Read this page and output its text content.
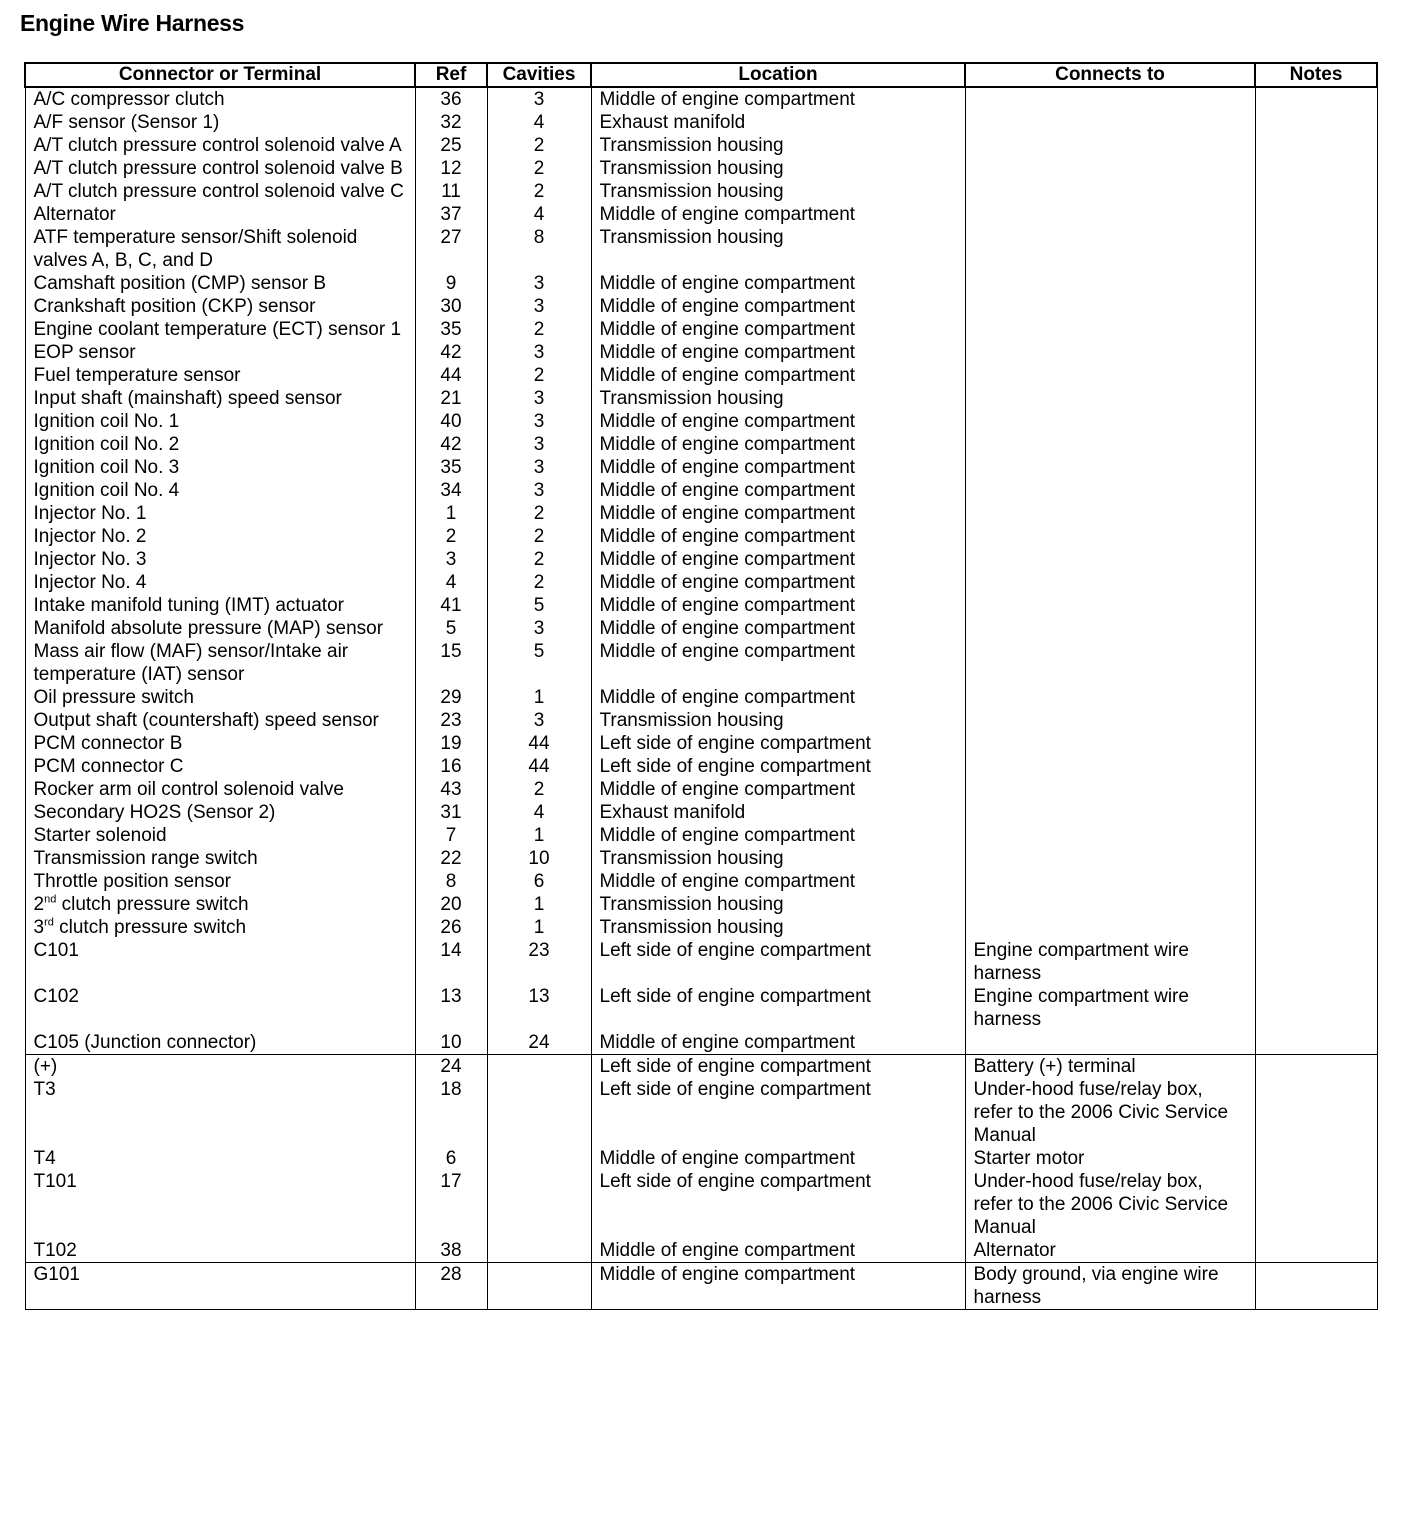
Engine Wire Harness
Connector or Terminal	Ref	Cavities	Location	Connects to	Notes
A/C compressor clutch	36	3	Middle of engine compartment		
A/F sensor (Sensor 1)	32	4	Exhaust manifold		
A/T clutch pressure control solenoid valve A	25	2	Transmission housing		
A/T clutch pressure control solenoid valve B	12	2	Transmission housing		
A/T clutch pressure control solenoid valve C	11	2	Transmission housing		
Alternator	37	4	Middle of engine compartment		
ATF temperature sensor/Shift solenoid valves A, B, C, and D	27	8	Transmission housing		
Camshaft position (CMP) sensor B	9	3	Middle of engine compartment		
Crankshaft position (CKP) sensor	30	3	Middle of engine compartment		
Engine coolant temperature (ECT) sensor 1	35	2	Middle of engine compartment		
EOP sensor	42	3	Middle of engine compartment		
Fuel temperature sensor	44	2	Middle of engine compartment		
Input shaft (mainshaft) speed sensor	21	3	Transmission housing		
Ignition coil No. 1	40	3	Middle of engine compartment		
Ignition coil No. 2	42	3	Middle of engine compartment		
Ignition coil No. 3	35	3	Middle of engine compartment		
Ignition coil No. 4	34	3	Middle of engine compartment		
Injector No. 1	1	2	Middle of engine compartment		
Injector No. 2	2	2	Middle of engine compartment		
Injector No. 3	3	2	Middle of engine compartment		
Injector No. 4	4	2	Middle of engine compartment		
Intake manifold tuning (IMT) actuator	41	5	Middle of engine compartment		
Manifold absolute pressure (MAP) sensor	5	3	Middle of engine compartment		
Mass air flow (MAF) sensor/Intake air temperature (IAT) sensor	15	5	Middle of engine compartment		
Oil pressure switch	29	1	Middle of engine compartment		
Output shaft (countershaft) speed sensor	23	3	Transmission housing		
PCM connector B	19	44	Left side of engine compartment		
PCM connector C	16	44	Left side of engine compartment		
Rocker arm oil control solenoid valve	43	2	Middle of engine compartment		
Secondary HO2S (Sensor 2)	31	4	Exhaust manifold		
Starter solenoid	7	1	Middle of engine compartment		
Transmission range switch	22	10	Transmission housing		
Throttle position sensor	8	6	Middle of engine compartment		
2nd clutch pressure switch	20	1	Transmission housing		
3rd clutch pressure switch	26	1	Transmission housing		
C101	14	23	Left side of engine compartment	Engine compartment wire harness	
C102	13	13	Left side of engine compartment	Engine compartment wire harness	
C105 (Junction connector)	10	24	Middle of engine compartment		
(+)	24		Left side of engine compartment	Battery (+) terminal	
T3	18		Left side of engine compartment	Under-hood fuse/relay box, refer to the 2006 Civic Service Manual	
T4	6		Middle of engine compartment	Starter motor	
T101	17		Left side of engine compartment	Under-hood fuse/relay box, refer to the 2006 Civic Service Manual	
T102	38		Middle of engine compartment	Alternator	
G101	28		Middle of engine compartment	Body ground, via engine wire harness	
